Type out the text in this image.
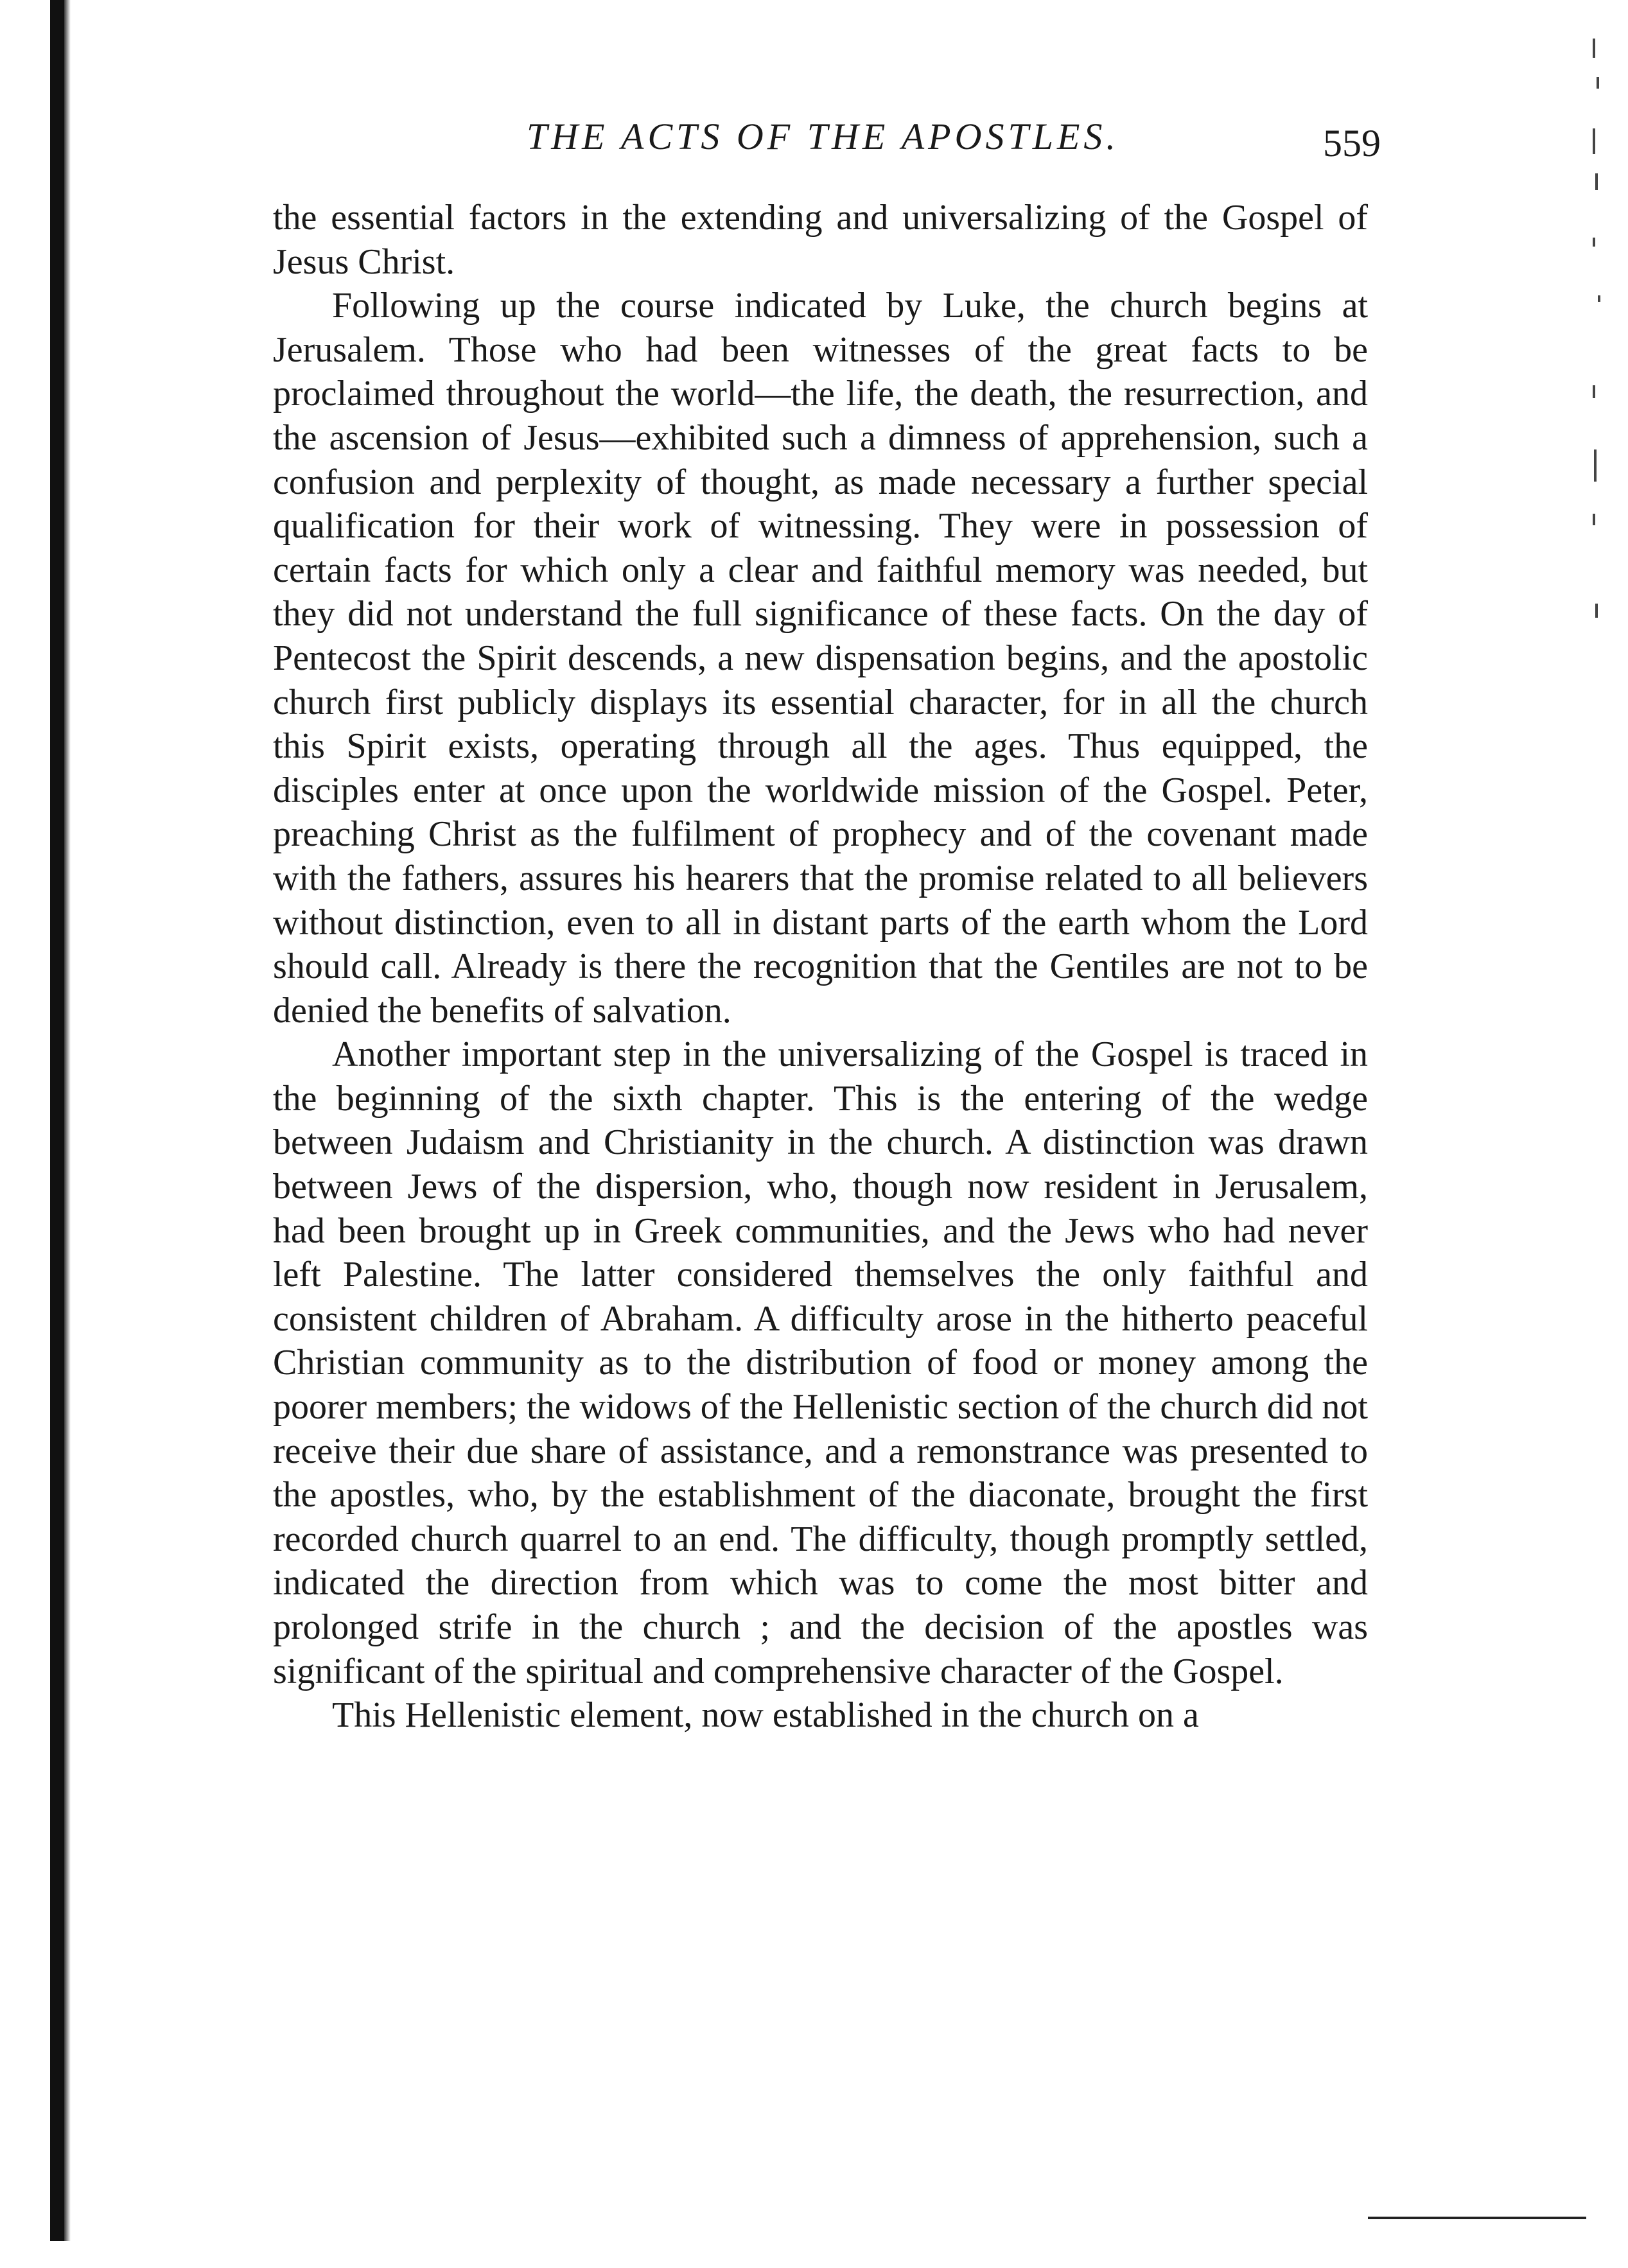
THE ACTS OF THE APOSTLES.	559

the essential factors in the extending and universalizing of the Gospel of Jesus Christ.

Following up the course indicated by Luke, the church begins at Jerusalem. Those who had been witnesses of the great facts to be proclaimed throughout the world—the life, the death, the resurrection, and the ascension of Jesus—exhibited such a dimness of apprehension, such a confusion and perplexity of thought, as made necessary a further special qualification for their work of witnessing. They were in possession of certain facts for which only a clear and faithful memory was needed, but they did not understand the full significance of these facts. On the day of Pentecost the Spirit descends, a new dispensation begins, and the apostolic church first publicly displays its essential character, for in all the church this Spirit exists, operating through all the ages. Thus equipped, the disciples enter at once upon the worldwide mission of the Gospel. Peter, preaching Christ as the fulfilment of prophecy and of the covenant made with the fathers, assures his hearers that the promise related to all believers without distinction, even to all in distant parts of the earth whom the Lord should call. Already is there the recognition that the Gentiles are not to be denied the benefits of salvation.

Another important step in the universalizing of the Gospel is traced in the beginning of the sixth chapter. This is the entering of the wedge between Judaism and Christianity in the church. A distinction was drawn between Jews of the dispersion, who, though now resident in Jerusalem, had been brought up in Greek communities, and the Jews who had never left Palestine. The latter considered themselves the only faithful and consistent children of Abraham. A difficulty arose in the hitherto peaceful Christian community as to the distribution of food or money among the poorer members; the widows of the Hellenistic section of the church did not receive their due share of assistance, and a remonstrance was presented to the apostles, who, by the establishment of the diaconate, brought the first recorded church quarrel to an end. The difficulty, though promptly settled, indicated the direction from which was to come the most bitter and prolonged strife in the church ; and the decision of the apostles was significant of the spiritual and comprehensive character of the Gospel.

This Hellenistic element, now established in the church on a
